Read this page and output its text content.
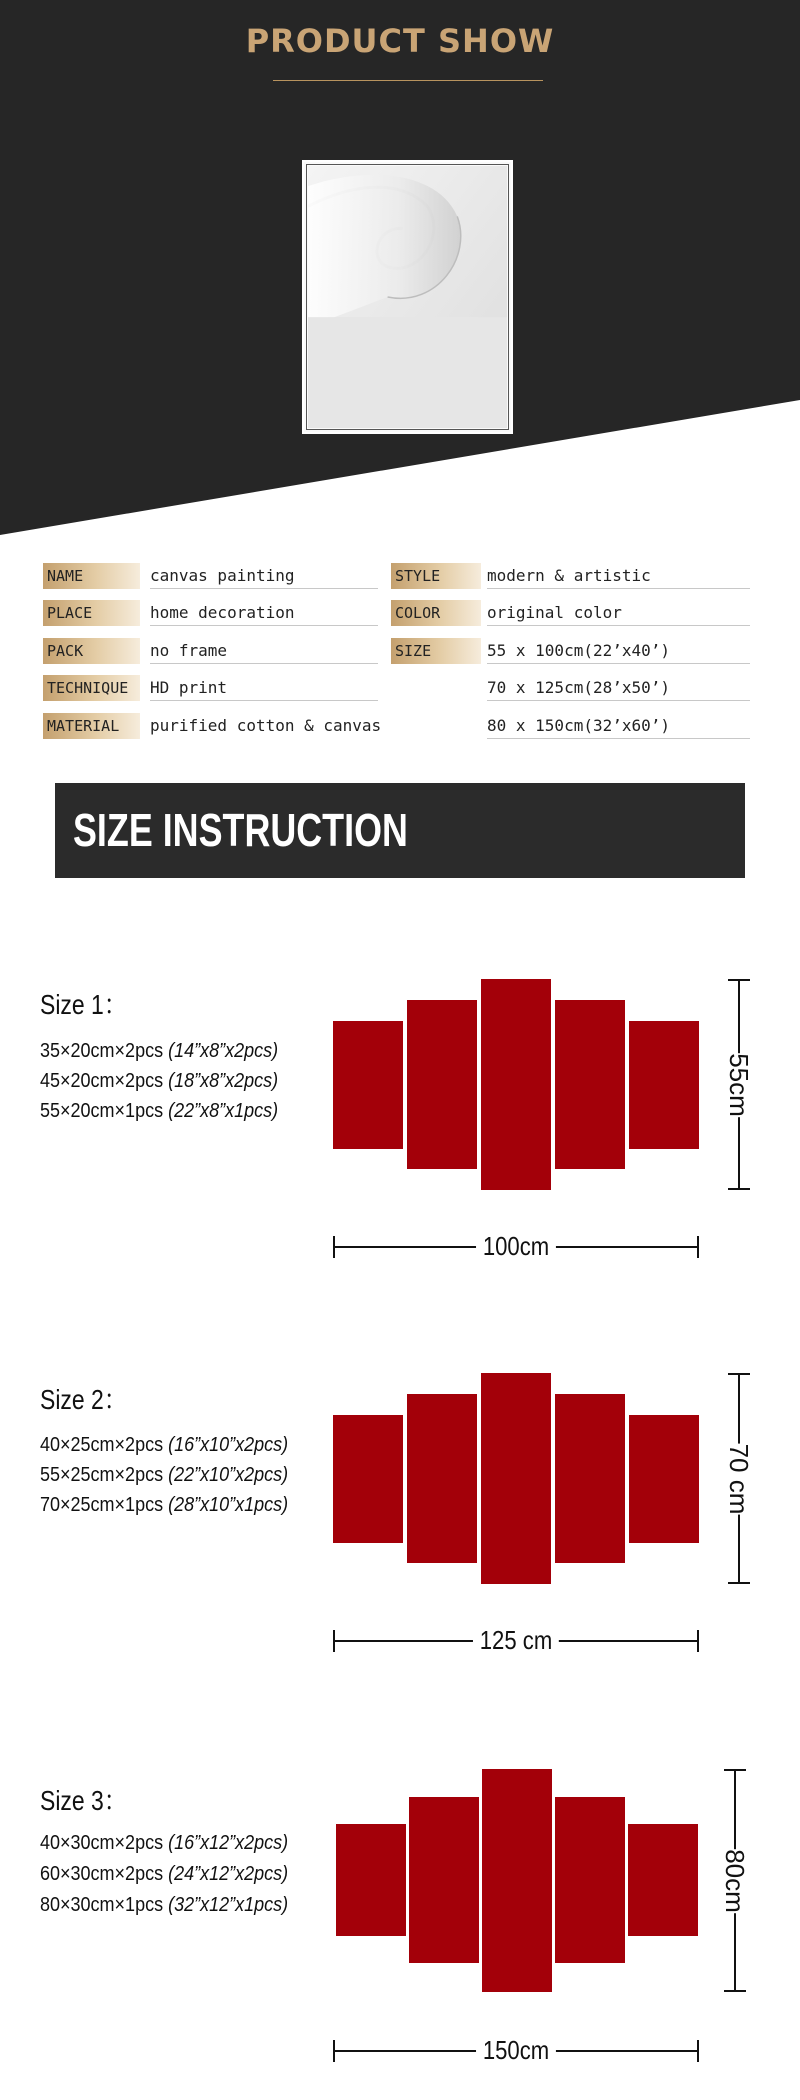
PRODUCT SHOW
NAME	canvas painting
PLACE	home decoration
PACK	no frame
TECHNIQUE	HD print
MATERIAL	purified cotton & canvas
STYLE	modern & artistic
COLOR	original color
SIZE	55 x 100cm(22’x40’)
70 x 125cm(28’x50’)
80 x 150cm(32’x60’)
SIZE INSTRUCTION
Size 1：
35×20cm×2pcs (14”x8”x2pcs)
45×20cm×2pcs (18”x8”x2pcs)
55×20cm×1pcs (22”x8”x1pcs)	55cm
100cm
Size 2：
40×25cm×2pcs (16”x10”x2pcs)
55×25cm×2pcs (22”x10”x2pcs)
70×25cm×1pcs (28”x10”x1pcs)	70 cm
125 cm
Size 3：
40×30cm×2pcs (16”x12”x2pcs)
60×30cm×2pcs (24”x12”x2pcs)
80×30cm×1pcs (32”x12”x1pcs)	80cm
150cm
